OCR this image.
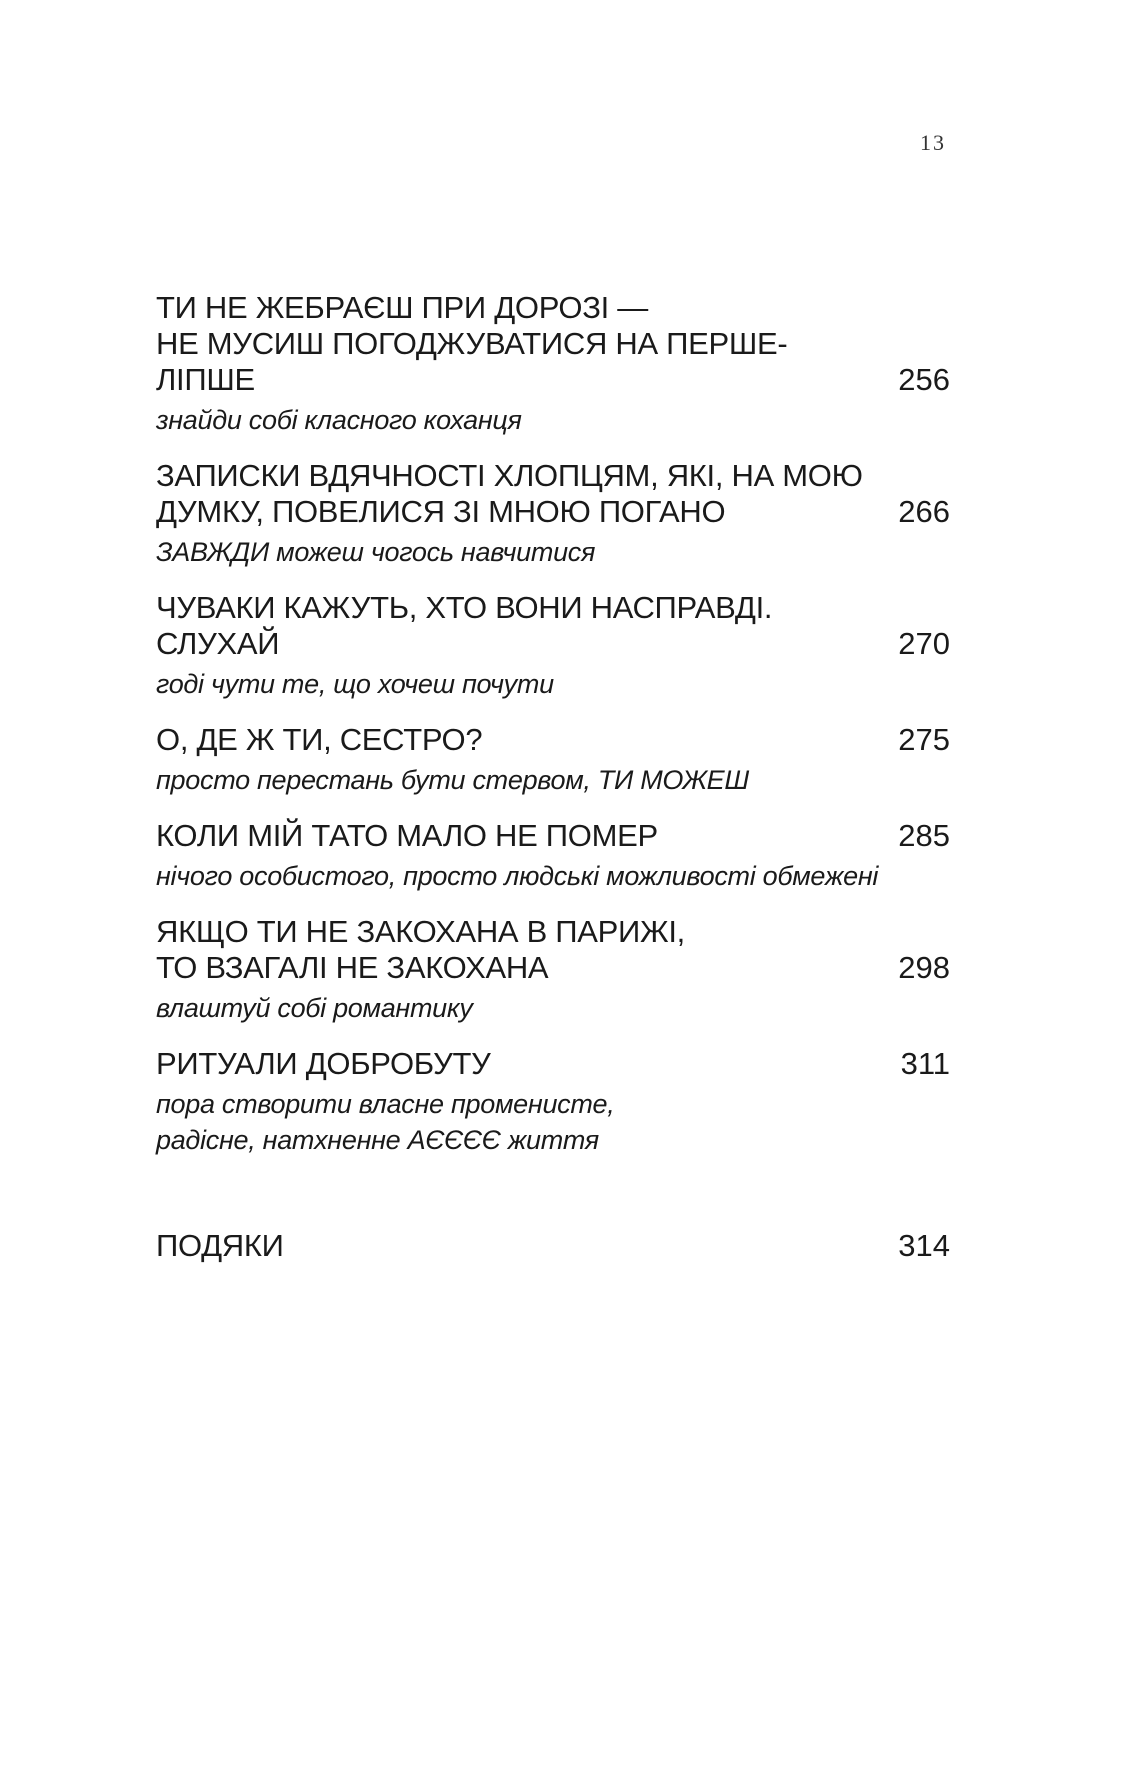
13
ТИ НЕ ЖЕБРАЄШ ПРИ ДОРОЗІ —
НЕ МУСИШ ПОГОДЖУВАТИСЯ НА ПЕРШЕ-ЛІПШЕ	256
знайди собі класного коханця
ЗАПИСКИ ВДЯЧНОСТІ ХЛОПЦЯМ, ЯКІ, НА МОЮ
ДУМКУ, ПОВЕЛИСЯ ЗІ МНОЮ ПОГАНО	266
ЗАВЖДИ можеш чогось навчитися
ЧУВАКИ КАЖУТЬ, ХТО ВОНИ НАСПРАВДІ. СЛУХАЙ	270
годі чути те, що хочеш почути
О, ДЕ Ж ТИ, СЕСТРО?	275
просто перестань бути стервом, ТИ МОЖЕШ
КОЛИ МІЙ ТАТО МАЛО НЕ ПОМЕР	285
нічого особистого, просто людські можливості обмежені
ЯКЩО ТИ НЕ ЗАКОХАНА В ПАРИЖІ,
ТО ВЗАГАЛІ НЕ ЗАКОХАНА	298
влаштуй собі романтику
РИТУАЛИ ДОБРОБУТУ	311
пора створити власне променисте,
радісне, натхненне АЄЄЄЄ життя
ПОДЯКИ	314
